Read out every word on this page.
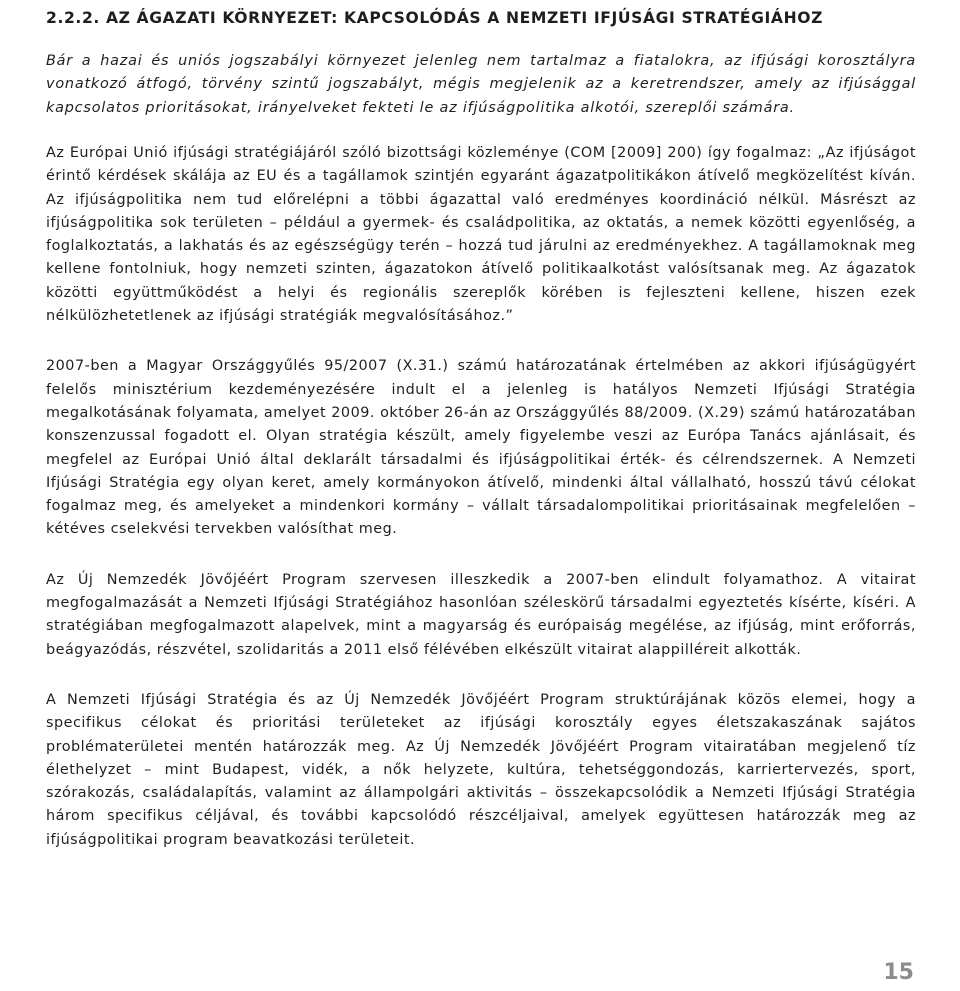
2.2.2. AZ ÁGAZATI KÖRNYEZET: KAPCSOLÓDÁS A NEMZETI IFJÚSÁGI STRATÉGIÁHOZ

Bár a hazai és uniós jogszabályi környezet jelenleg nem tartalmaz a fiatalokra, az ifjúsági korosztályra vonatkozó átfogó, törvény szintű jogszabályt, mégis megjelenik az a keretrendszer, amely az ifjúsággal kapcsolatos prioritásokat, irányelveket fekteti le az ifjúságpolitika alkotói, szereplői számára.

Az Európai Unió ifjúsági stratégiájáról szóló bizottsági közleménye (COM [2009] 200) így fogalmaz: „Az ifjúságot érintő kérdések skálája az EU és a tagállamok szintjén egyaránt ágazatpolitikákon átívelő megközelítést kíván. Az ifjúságpolitika nem tud előrelépni a többi ágazattal való eredményes koordináció nélkül. Másrészt az ifjúságpolitika sok területen – például a gyermek- és családpolitika, az oktatás, a nemek közötti egyenlőség, a foglalkoztatás, a lakhatás és az egészségügy terén – hozzá tud járulni az eredményekhez. A tagállamoknak meg kellene fontolniuk, hogy nemzeti szinten, ágazatokon átívelő politikaalkotást valósítsanak meg. Az ágazatok közötti együttműködést a helyi és regionális szereplők körében is fejleszteni kellene, hiszen ezek nélkülözhetetlenek az ifjúsági stratégiák megvalósításához.”

2007-ben a Magyar Országgyűlés 95/2007 (X.31.) számú határozatának értelmében az akkori ifjúságügyért felelős minisztérium kezdeményezésére indult el a jelenleg is hatályos Nemzeti Ifjúsági Stratégia megalkotásának folyamata, amelyet 2009. október 26-án az Országgyűlés 88/2009. (X.29) számú határozatában konszenzussal fogadott el. Olyan stratégia készült, amely figyelembe veszi az Európa Tanács ajánlásait, és megfelel az Európai Unió által deklarált társadalmi és ifjúságpolitikai érték- és célrendszernek. A Nemzeti Ifjúsági Stratégia egy olyan keret, amely kormányokon átívelő, mindenki által vállalható, hosszú távú célokat fogalmaz meg, és amelyeket a mindenkori kormány – vállalt társadalompolitikai prioritásainak megfelelően – kétéves cselekvési tervekben valósíthat meg.

Az Új Nemzedék Jövőjéért Program szervesen illeszkedik a 2007-ben elindult folyamathoz. A vitairat megfogalmazását a Nemzeti Ifjúsági Stratégiához hasonlóan széleskörű társadalmi egyeztetés kísérte, kíséri. A stratégiában megfogalmazott alapelvek, mint a magyarság és európaiság megélése, az ifjúság, mint erőforrás, beágyazódás, részvétel, szolidaritás a 2011 első félévében elkészült vitairat alappilléreit alkották.

A Nemzeti Ifjúsági Stratégia és az Új Nemzedék Jövőjéért Program struktúrájának közös elemei, hogy a specifikus célokat és prioritási területeket az ifjúsági korosztály egyes életszakaszának sajátos problématerületei mentén határozzák meg. Az Új Nemzedék Jövőjéért Program vitairatában megjelenő tíz élethelyzet – mint Budapest, vidék, a nők helyzete, kultúra, tehetséggondozás, karriertervezés, sport, szórakozás, családalapítás, valamint az állampolgári aktivitás – összekapcsolódik a Nemzeti Ifjúsági Stratégia három specifikus céljával, és további kapcsolódó részcéljaival, amelyek együttesen határozzák meg az ifjúságpolitikai program beavatkozási területeit.

15
